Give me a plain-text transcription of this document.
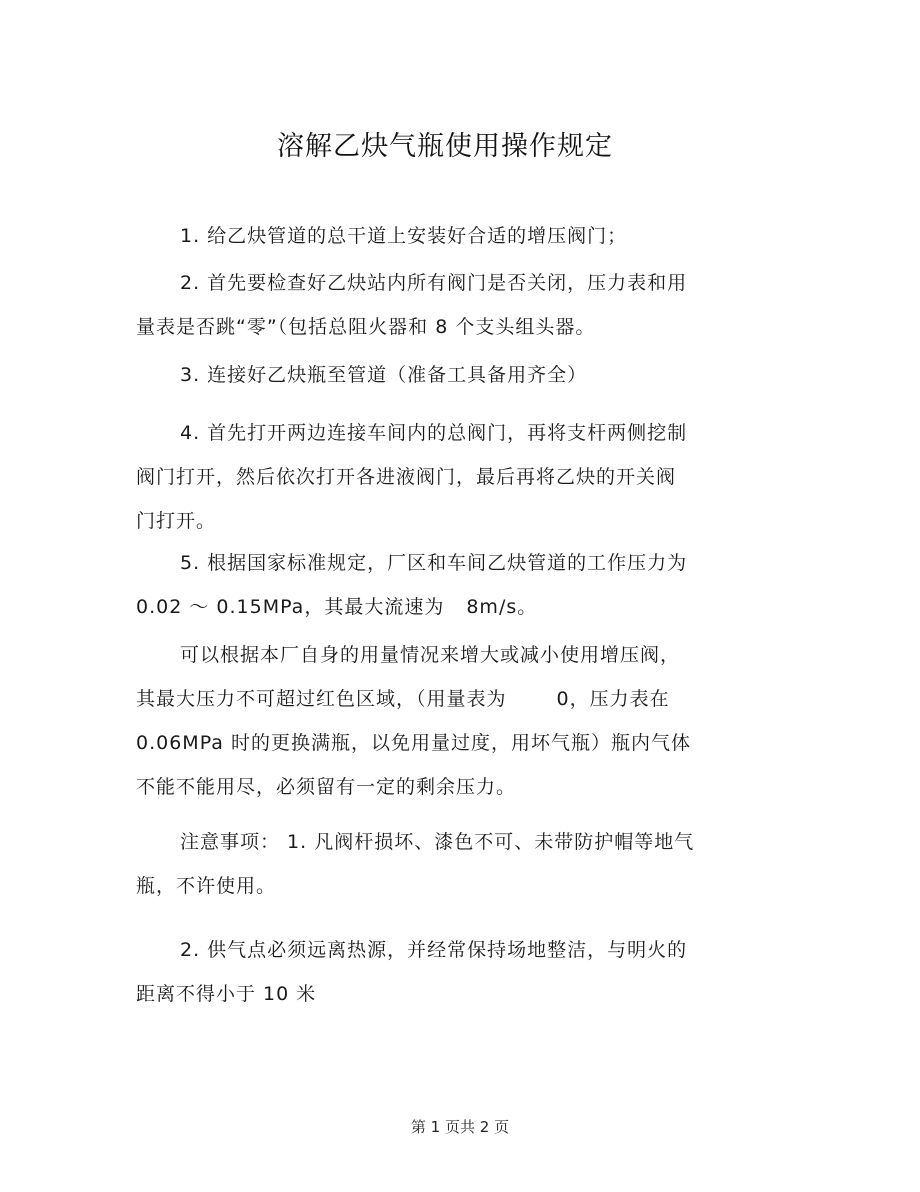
溶解乙炔气瓶使用操作规定
1. 给乙炔管道的总干道上安装好合适的增压阀门；
2. 首先要检查好乙炔站内所有阀门是否关闭，压力表和用
量表是否跳“零”（包括总阻火器和 8 个支头组头器。
3. 连接好乙炔瓶至管道（准备工具备用齐全）
4. 首先打开两边连接车间内的总阀门，再将支杆两侧挖制
阀门打开，然后依次打开各进液阀门，最后再将乙炔的开关阀
门打开。
5. 根据国家标准规定，厂区和车间乙炔管道的工作压力为
0.02 ～ 0.15MPa，其最大流速为 8m/s。
可以根据本厂自身的用量情况来增大或减小使用增压阀，
其最大压力不可超过红色区域，（用量表为	0，压力表在
0.06MPa 时的更换满瓶，以免用量过度，用坏气瓶）瓶内气体
不能不能用尽，必须留有一定的剩余压力。
注意事项： 1. 凡阀杆损坏、漆色不可、未带防护帽等地气
瓶，不许使用。
2. 供气点必须远离热源，并经常保持场地整洁，与明火的
距离不得小于 10 米
第 1 页共 2 页
